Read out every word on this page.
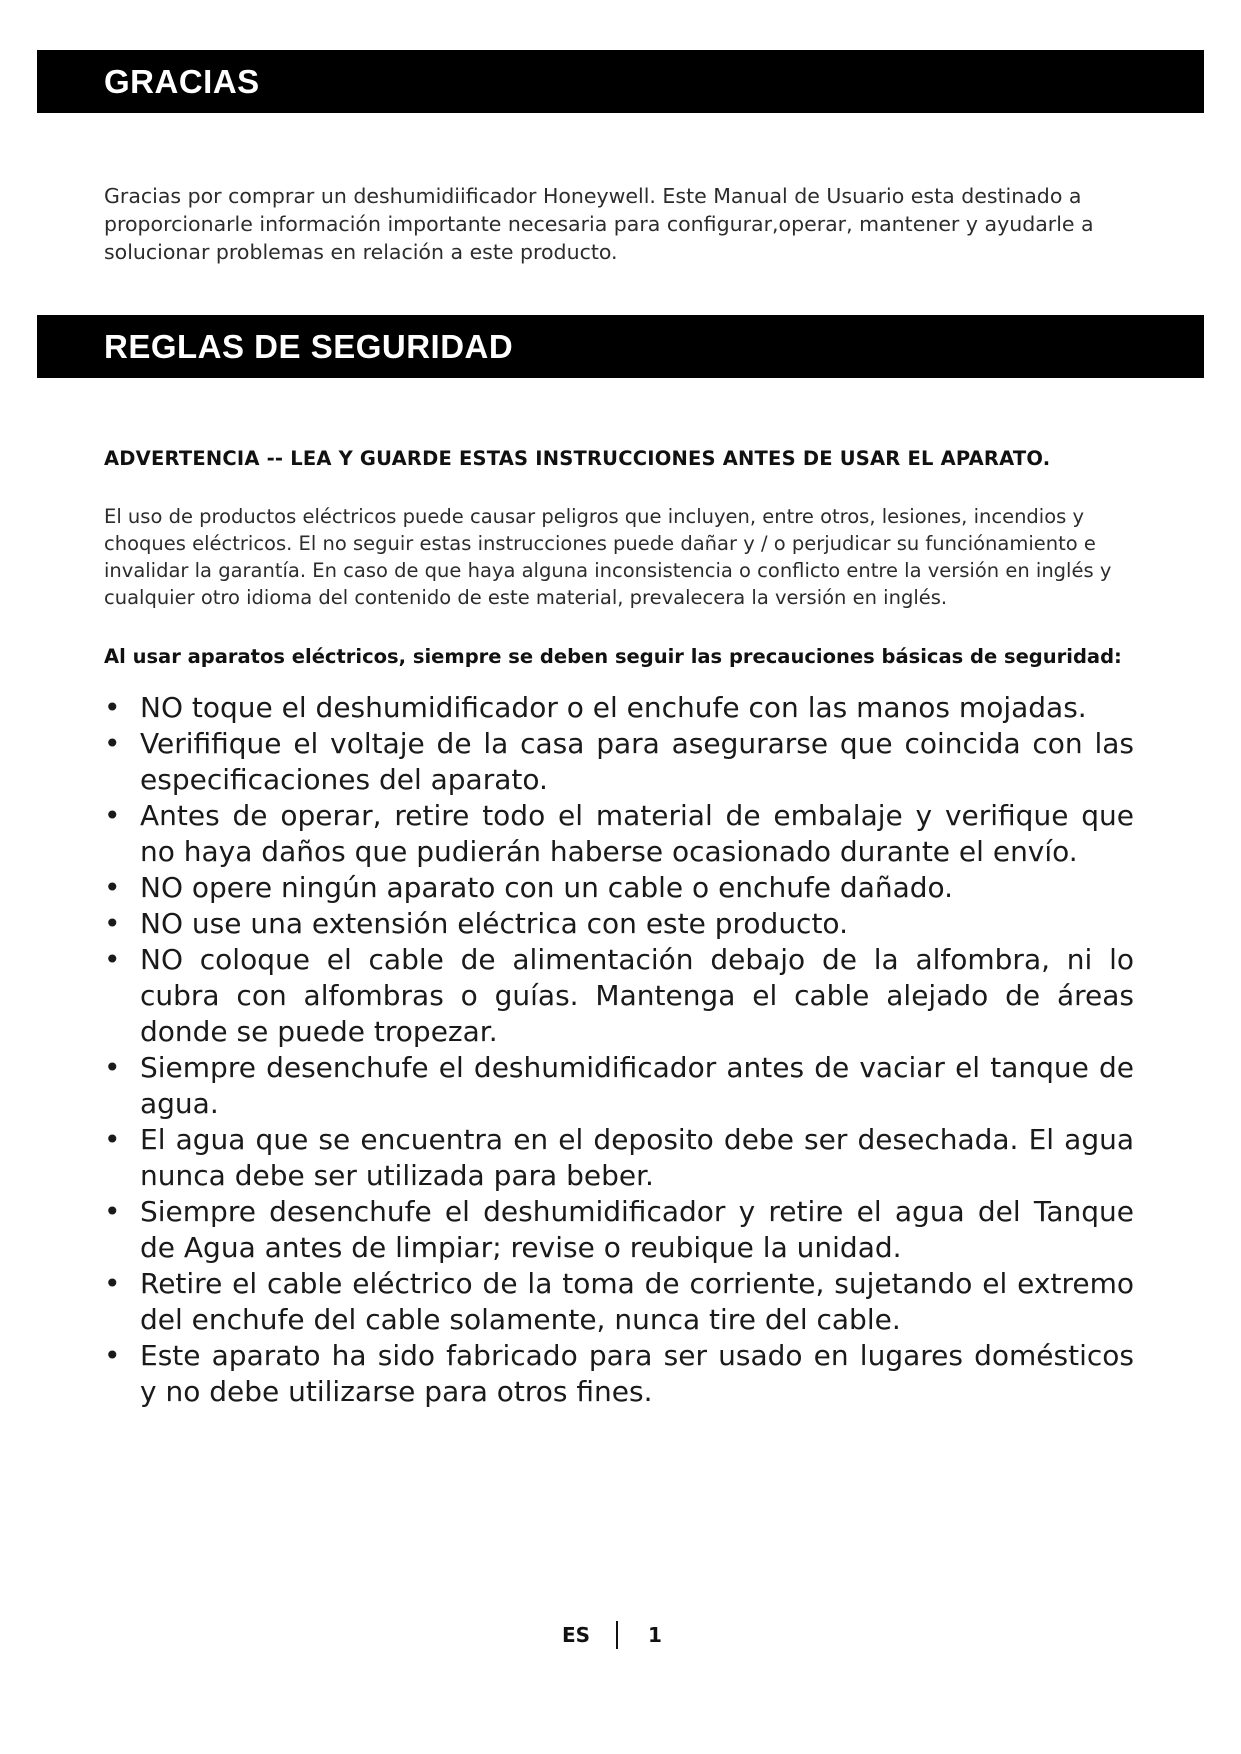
GRACIAS

Gracias por comprar un deshumidiificador Honeywell. Este Manual de Usuario esta destinado a proporcionarle información importante necesaria para configurar,operar, mantener y ayudarle a solucionar problemas en relación a este producto.

REGLAS DE SEGURIDAD

ADVERTENCIA -- LEA Y GUARDE ESTAS INSTRUCCIONES ANTES DE USAR EL APARATO.

El uso de productos eléctricos puede causar peligros que incluyen, entre otros, lesiones, incendios y choques eléctricos. El no seguir estas instrucciones puede dañar y / o perjudicar su funciónamiento e invalidar la garantía. En caso de que haya alguna inconsistencia o conflicto entre la versión en inglés y cualquier otro idioma del contenido de este material, prevalecera la versión en inglés.

Al usar aparatos eléctricos, siempre se deben seguir las precauciones básicas de seguridad:

• NO toque el deshumidificador o el enchufe con las manos mojadas.
• Verififique el voltaje de la casa para asegurarse que coincida con las especificaciones del aparato.
• Antes de operar, retire todo el material de embalaje y verifique que no haya daños que pudierán haberse ocasionado durante el envío.
• NO opere ningún aparato con un cable o enchufe dañado.
• NO use una extensión eléctrica con este producto.
• NO coloque el cable de alimentación debajo de la alfombra, ni lo cubra con alfombras o guías. Mantenga el cable alejado de áreas donde se puede tropezar.
• Siempre desenchufe el deshumidificador antes de vaciar el tanque de agua.
• El agua que se encuentra en el deposito debe ser desechada. El agua nunca debe ser utilizada para beber.
• Siempre desenchufe el deshumidificador y retire el agua del Tanque de Agua antes de limpiar; revise o reubique la unidad.
• Retire el cable eléctrico de la toma de corriente, sujetando el extremo del enchufe del cable solamente, nunca tire del cable.
• Este aparato ha sido fabricado para ser usado en lugares domésticos y no debe utilizarse para otros fines.
ES	1
